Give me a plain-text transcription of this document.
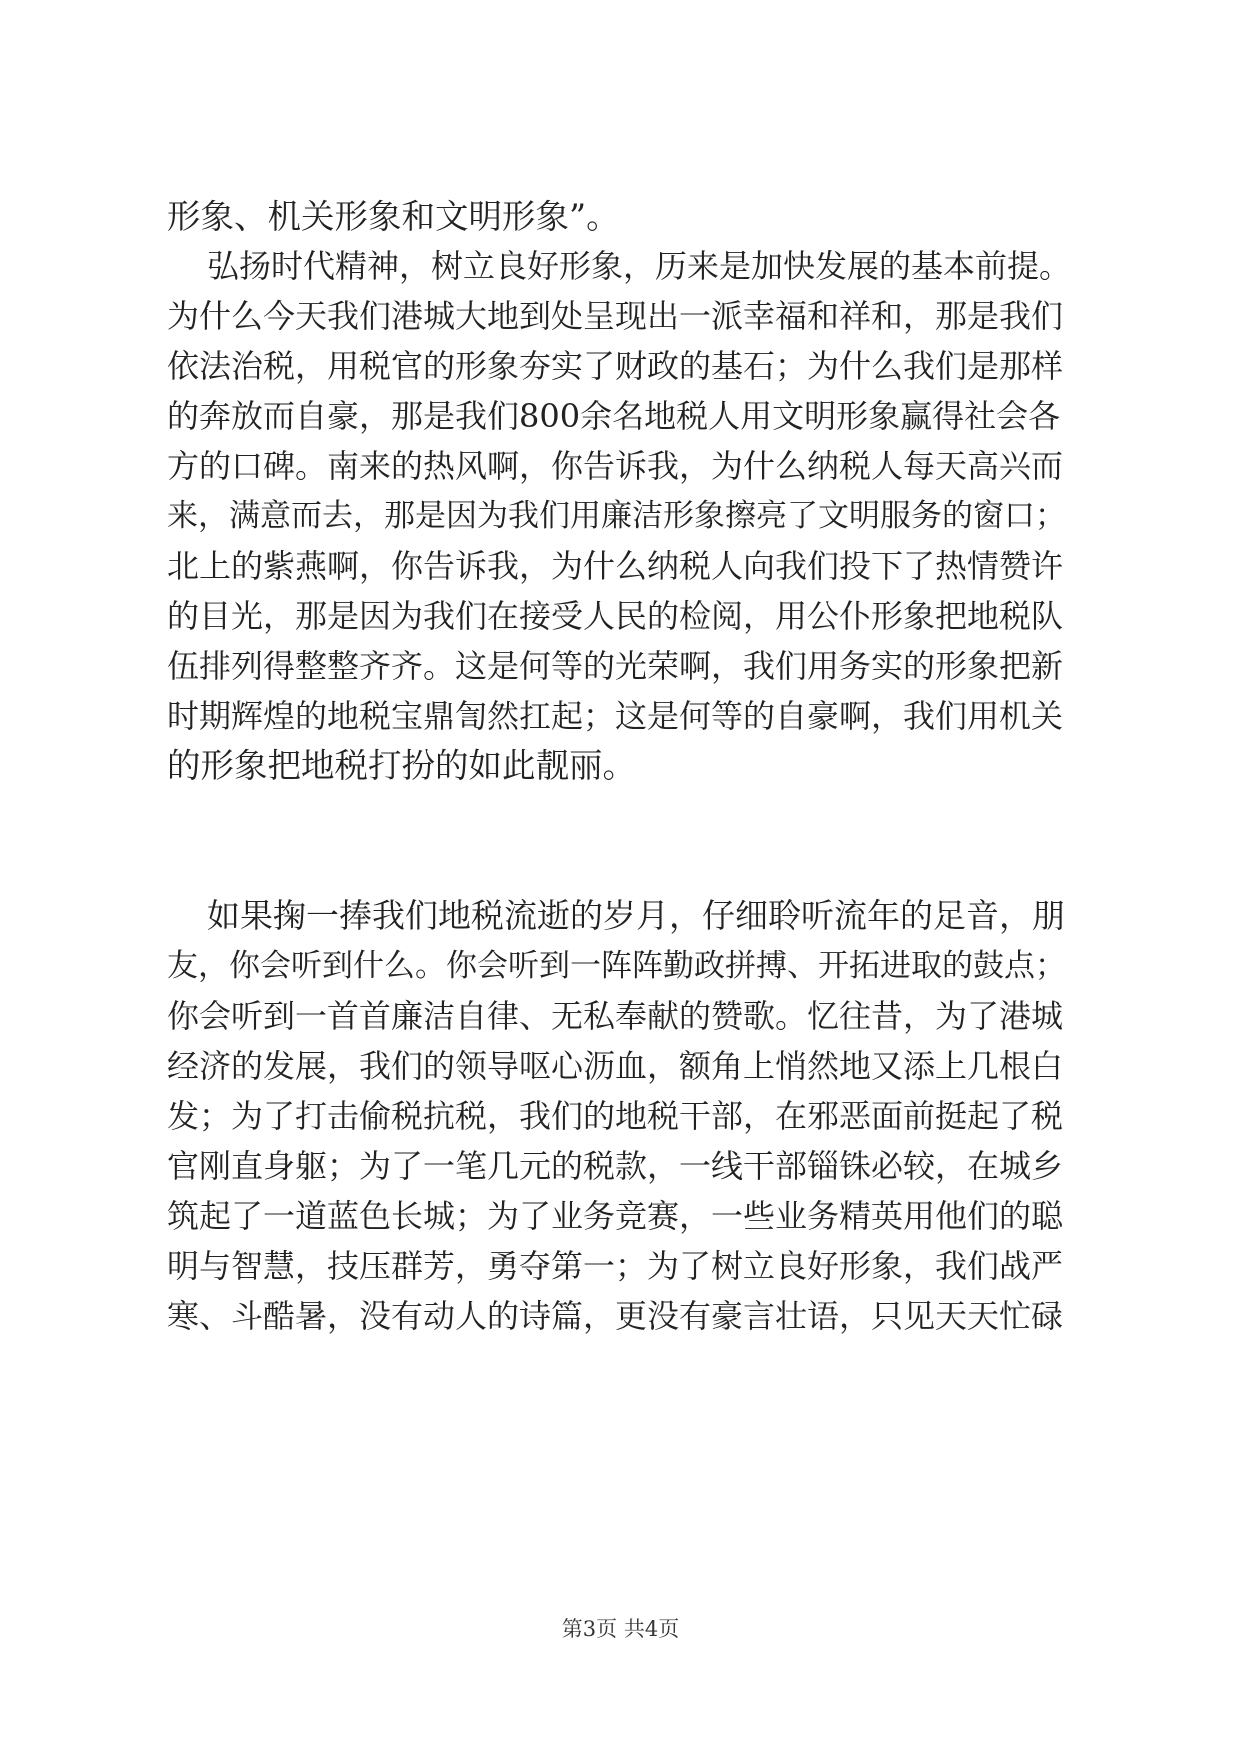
形象、机关形象和文明形象”。
弘扬时代精神，树立良好形象，历来是加快发展的基本前提。
为什么今天我们港城大地到处呈现出一派幸福和祥和，那是我们
依法治税，用税官的形象夯实了财政的基石；为什么我们是那样
的奔放而自豪，那是我们800余名地税人用文明形象赢得社会各
方的口碑。南来的热风啊，你告诉我，为什么纳税人每天高兴而
来，满意而去，那是因为我们用廉洁形象擦亮了文明服务的窗口；
北上的紫燕啊，你告诉我，为什么纳税人向我们投下了热情赞许
的目光，那是因为我们在接受人民的检阅，用公仆形象把地税队
伍排列得整整齐齐。这是何等的光荣啊，我们用务实的形象把新
时期辉煌的地税宝鼎訇然扛起；这是何等的自豪啊，我们用机关
的形象把地税打扮的如此靓丽。
如果掬一捧我们地税流逝的岁月，仔细聆听流年的足音，朋
友，你会听到什么。你会听到一阵阵勤政拼搏、开拓进取的鼓点；
你会听到一首首廉洁自律、无私奉献的赞歌。忆往昔，为了港城
经济的发展，我们的领导呕心沥血，额角上悄然地又添上几根白
发；为了打击偷税抗税，我们的地税干部，在邪恶面前挺起了税
官刚直身躯；为了一笔几元的税款，一线干部锱铢必较，在城乡
筑起了一道蓝色长城；为了业务竞赛，一些业务精英用他们的聪
明与智慧，技压群芳，勇夺第一；为了树立良好形象，我们战严
寒、斗酷暑，没有动人的诗篇，更没有豪言壮语，只见天天忙碌
第3页 共4页
